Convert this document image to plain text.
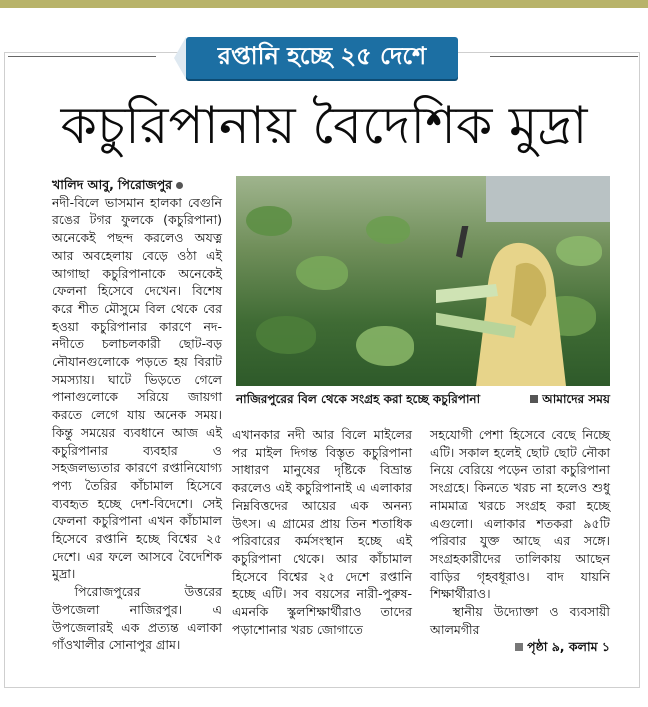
রপ্তানি হচ্ছে ২৫ দেশে
কচুরিপানায় বৈদেশিক মুদ্রা
খালিদ আবু, পিরোজপুর
নদী-বিলে ভাসমান হালকা বেগুনি রঙের টগর ফুলকে (কচুরিপানা) অনেকেই পছন্দ করলেও অযত্ন আর অবহেলায় বেড়ে ওঠা এই আগাছা কচুরিপানাকে অনেকেই ফেলনা হিসেবে দেখেন। বিশেষ করে শীত মৌসুমে বিল থেকে বের হওয়া কচুরিপানার কারণে নদ-নদীতে চলাচলকারী ছোট-বড় নৌযানগুলোকে পড়তে হয় বিরাট সমস্যায়। ঘাটে ভিড়তে গেলে পানাগুলোকে সরিয়ে জায়গা করতে লেগে যায় অনেক সময়। কিন্তু সময়ের ব্যবধানে আজ এই কচুরিপানার ব্যবহার ও সহজলভ্যতার কারণে রপ্তানিযোগ্য পণ্য তৈরির কাঁচামাল হিসেবে ব্যবহৃত হচ্ছে দেশ-বিদেশে। সেই ফেলনা কচুরিপানা এখন কাঁচামাল হিসেবে রপ্তানি হচ্ছে বিশ্বের ২৫ দেশে। এর ফলে আসবে বৈদেশিক মুদ্রা।
পিরোজপুরের উত্তরের উপজেলা নাজিরপুর। এ উপজেলারই এক প্রত্যন্ত এলাকা গাঁওখালীর সোনাপুর গ্রাম।
নাজিরপুরের বিল থেকে সংগ্রহ করা হচ্ছে কচুরিপানা	আমাদের সময়
এখানকার নদী আর বিলে মাইলের পর মাইল দিগন্ত বিস্তৃত কচুরিপানা সাধারণ মানুষের দৃষ্টিকে বিভ্রান্ত করলেও এই কচুরিপানাই এ এলাকার নিম্নবিত্তদের আয়ের এক অনন্য উৎস। এ গ্রামের প্রায় তিন শতাধিক পরিবারের কর্মসংস্থান হচ্ছে এই কচুরিপানা থেকে। আর কাঁচামাল হিসেবে বিশ্বের ২৫ দেশে রপ্তানি হচ্ছে এটি। সব বয়সের নারী-পুরুষ-এমনকি স্কুলশিক্ষার্থীরাও তাদের পড়াশোনার খরচ জোগাতে
সহযোগী পেশা হিসেবে বেছে নিচ্ছে এটি। সকাল হলেই ছোট ছোট নৌকা নিয়ে বেরিয়ে পড়েন তারা কচুরিপানা সংগ্রহে। কিনতে খরচ না হলেও শুধু নামমাত্র খরচে সংগ্রহ করা হচ্ছে এগুলো। এলাকার শতকরা ৯৫টি পরিবার যুক্ত আছে এর সঙ্গে। সংগ্রহকারীদের তালিকায় আছেন বাড়ির গৃহবধূরাও। বাদ যায়নি শিক্ষার্থীরাও।
স্থানীয় উদ্যোক্তা ও ব্যবসায়ী আলমগীর
পৃষ্ঠা ৯, কলাম ১
